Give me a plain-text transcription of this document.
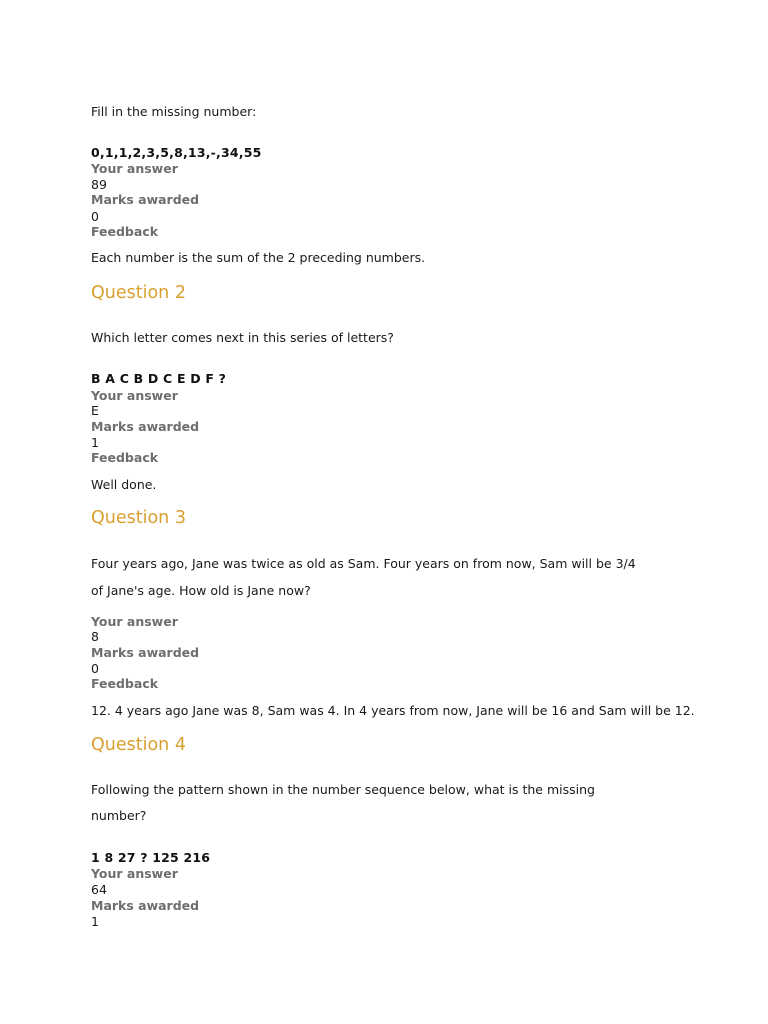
Fill in the missing number:
0,1,1,2,3,5,8,13,-,34,55
Your answer
89
Marks awarded
0
Feedback
Each number is the sum of the 2 preceding numbers.
Question 2
Which letter comes next in this series of letters?
B A C B D C E D F ?
Your answer
E
Marks awarded
1
Feedback
Well done.
Question 3
Four years ago, Jane was twice as old as Sam. Four years on from now, Sam will be 3/4
of Jane's age. How old is Jane now?
Your answer
8
Marks awarded
0
Feedback
12. 4 years ago Jane was 8, Sam was 4. In 4 years from now, Jane will be 16 and Sam will be 12.
Question 4
Following the pattern shown in the number sequence below, what is the missing
number?
1 8 27 ? 125 216
Your answer
64
Marks awarded
1
